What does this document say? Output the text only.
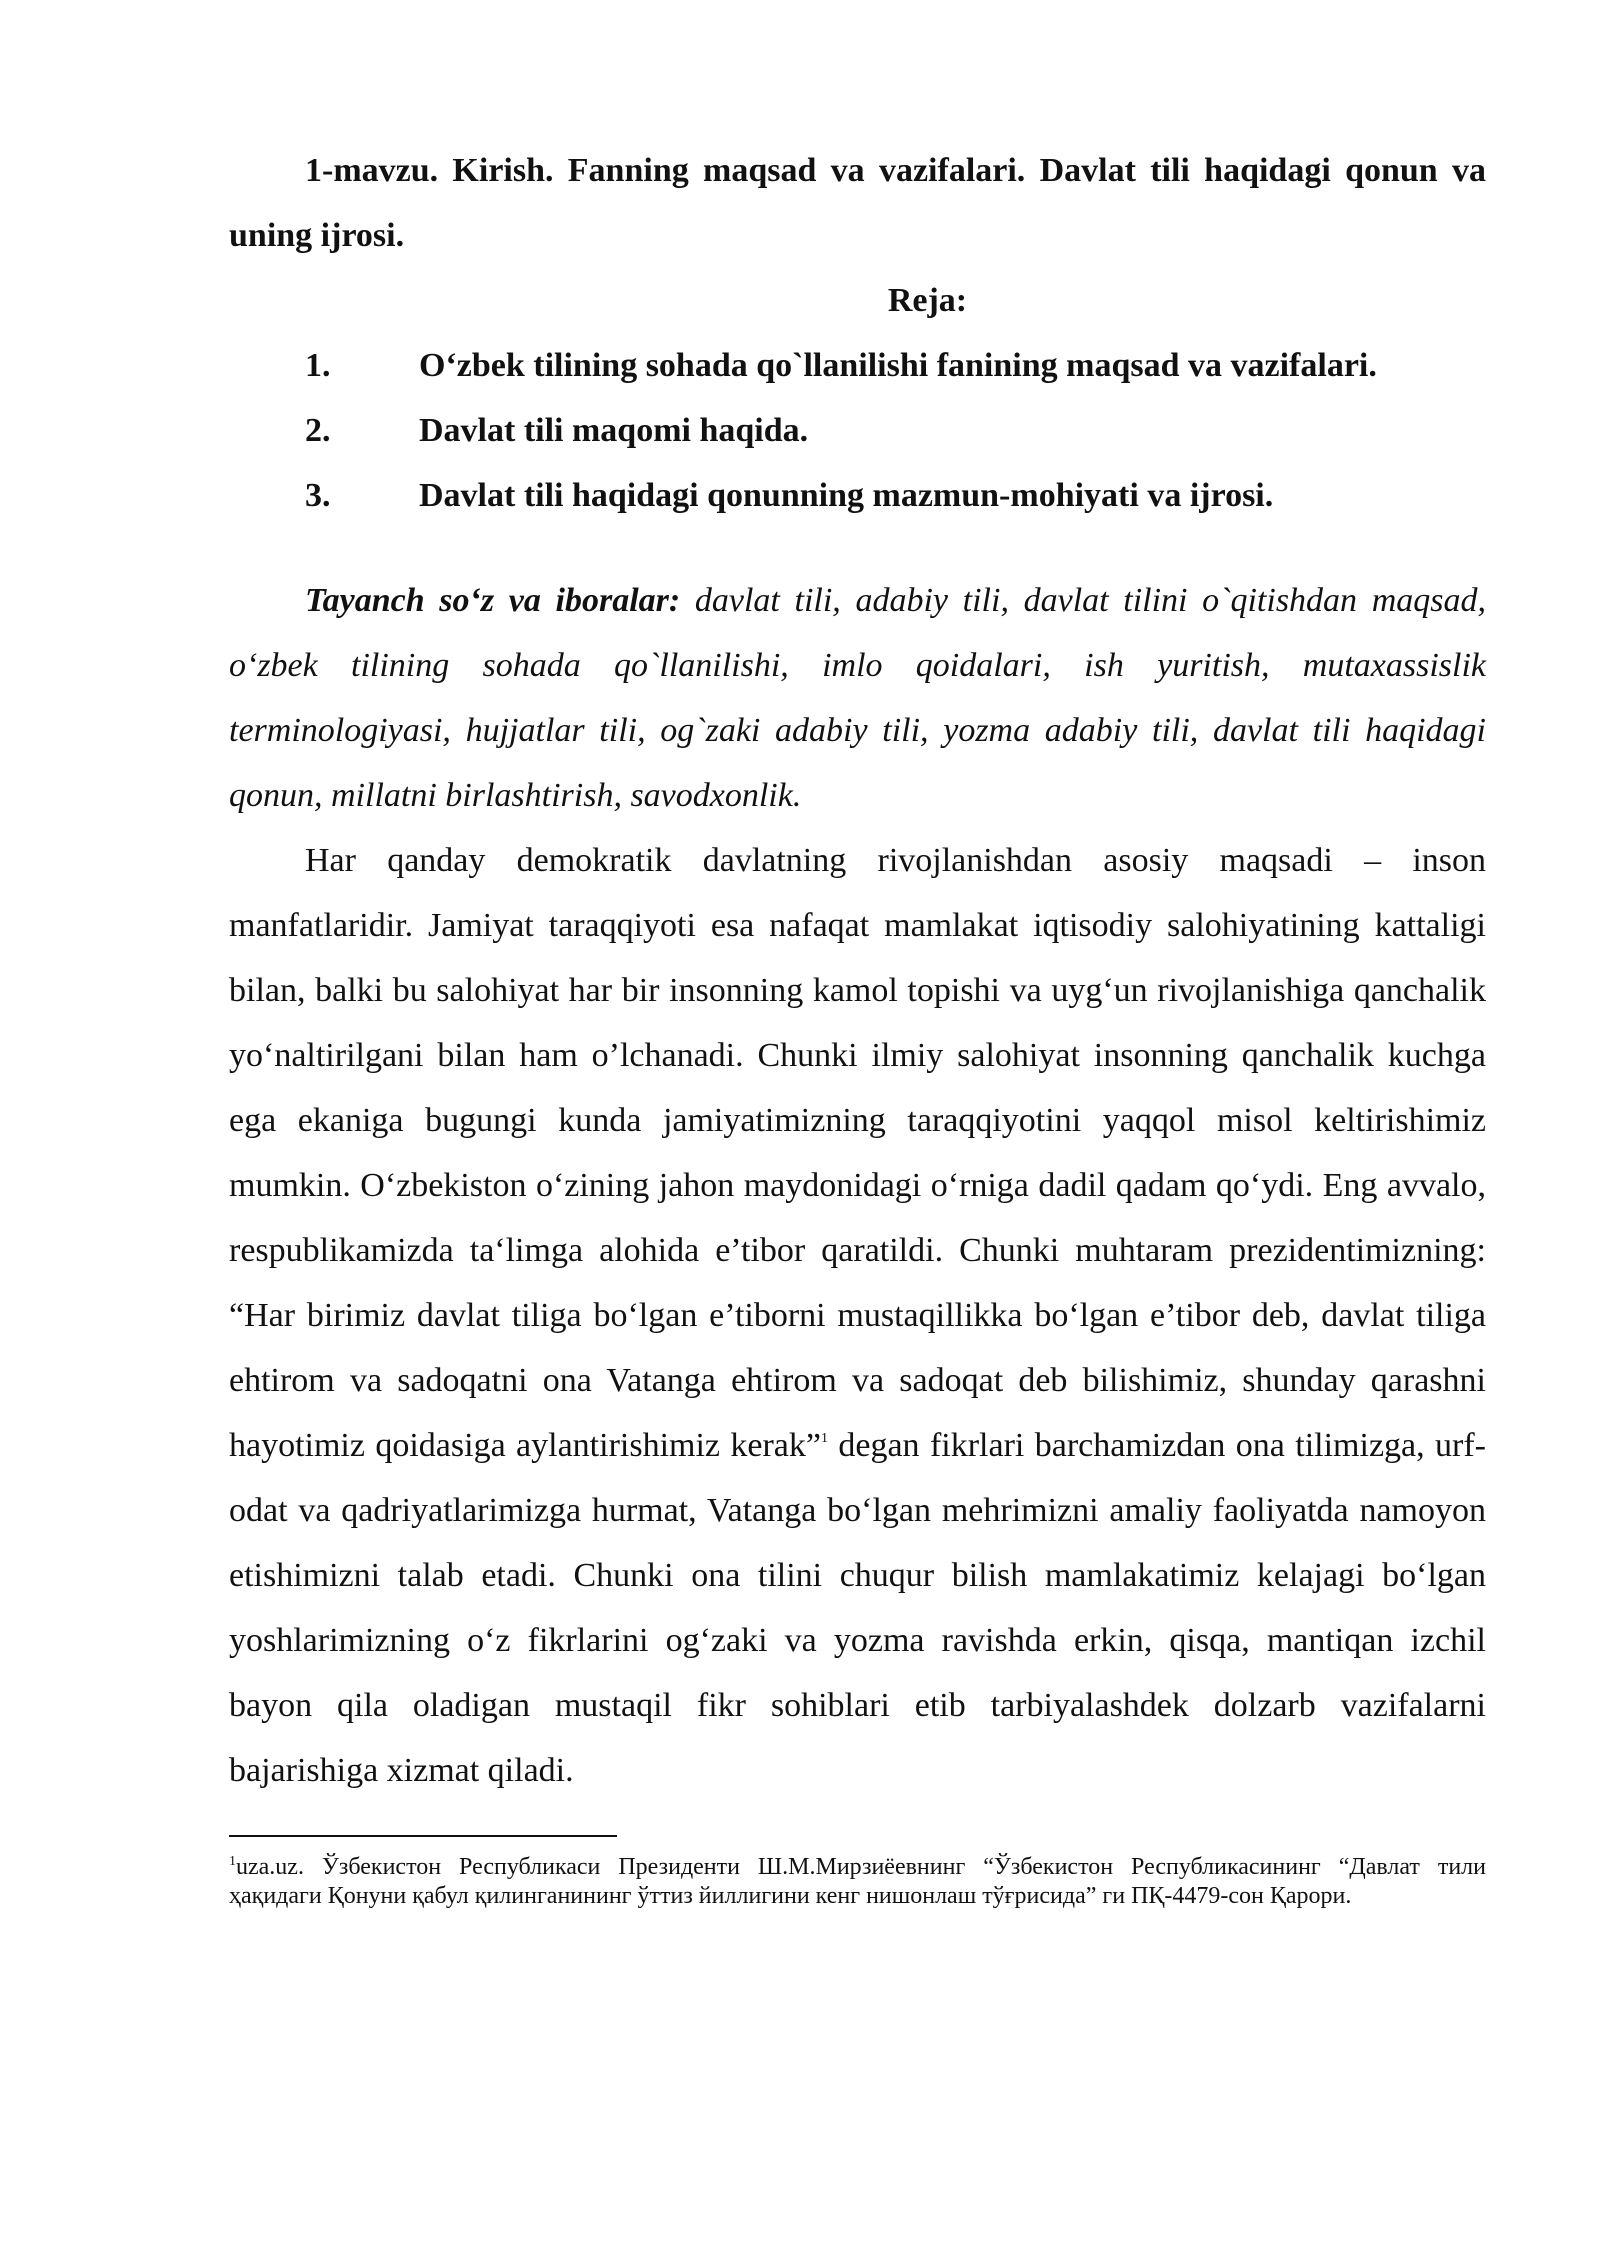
1-mavzu. Kirish. Fanning maqsad va vazifalari. Davlat tili haqidagi qonun va uning ijrosi.

Reja:

1.	O‘zbek tilining sohada qo`llanilishi fanining maqsad va vazifalari.

2.	Davlat tili maqomi haqida.

3.	Davlat tili haqidagi qonunning mazmun-mohiyati va ijrosi.

Tayanch so‘z va iboralar: davlat tili, adabiy tili, davlat tilini o`qitishdan maqsad, o‘zbek tilining sohada qo`llanilishi, imlo qoidalari, ish yuritish, mutaxassislik terminologiyasi, hujjatlar tili, og`zaki adabiy tili, yozma adabiy tili, davlat tili haqidagi qonun, millatni birlashtirish, savodxonlik.

Har qanday demokratik davlatning rivojlanishdan asosiy maqsadi – inson manfatlaridir. Jamiyat taraqqiyoti esa nafaqat mamlakat iqtisodiy salohiyatining kattaligi bilan, balki bu salohiyat har bir insonning kamol topishi va uyg‘un rivojlanishiga qanchalik yo‘naltirilgani bilan ham o’lchanadi. Chunki ilmiy salohiyat insonning qanchalik kuchga ega ekaniga bugungi kunda jamiyatimizning taraqqiyotini yaqqol misol keltirishimiz mumkin. O‘zbekiston o‘zining jahon maydonidagi o‘rniga dadil qadam qo‘ydi. Eng avvalo, respublikamizda ta‘limga alohida e’tibor qaratildi. Chunki muhtaram prezidentimizning: “Har birimiz davlat tiliga bo‘lgan e’tiborni mustaqillikka bo‘lgan e’tibor deb, davlat tiliga ehtirom va sadoqatni ona Vatanga ehtirom va sadoqat deb bilishimiz, shunday qarashni hayotimiz qoidasiga aylantirishimiz kerak”$^1$ degan fikrlari barchamizdan ona tilimizga, urf-odat va qadriyatlarimizga hurmat, Vatanga bo‘lgan mehrimizni amaliy faoliyatda namoyon etishimizni talab etadi. Chunki ona tilini chuqur bilish mamlakatimiz kelajagi bo‘lgan yoshlarimizning o‘z fikrlarini og‘zaki va yozma ravishda erkin, qisqa, mantiqan izchil bayon qila oladigan mustaqil fikr sohiblari etib tarbiyalashdek dolzarb vazifalarni bajarishiga xizmat qiladi.

$^1$uza.uz. Ўзбекистон Республикаси Президенти Ш.М.Мирзиёевнинг “Ўзбекистон Республикасининг “Давлат тили ҳақидаги Қонуни қабул қилинганининг ўттиз йиллигини кенг нишонлаш тўғрисида” ги ПҚ-4479-сон Қарори.
